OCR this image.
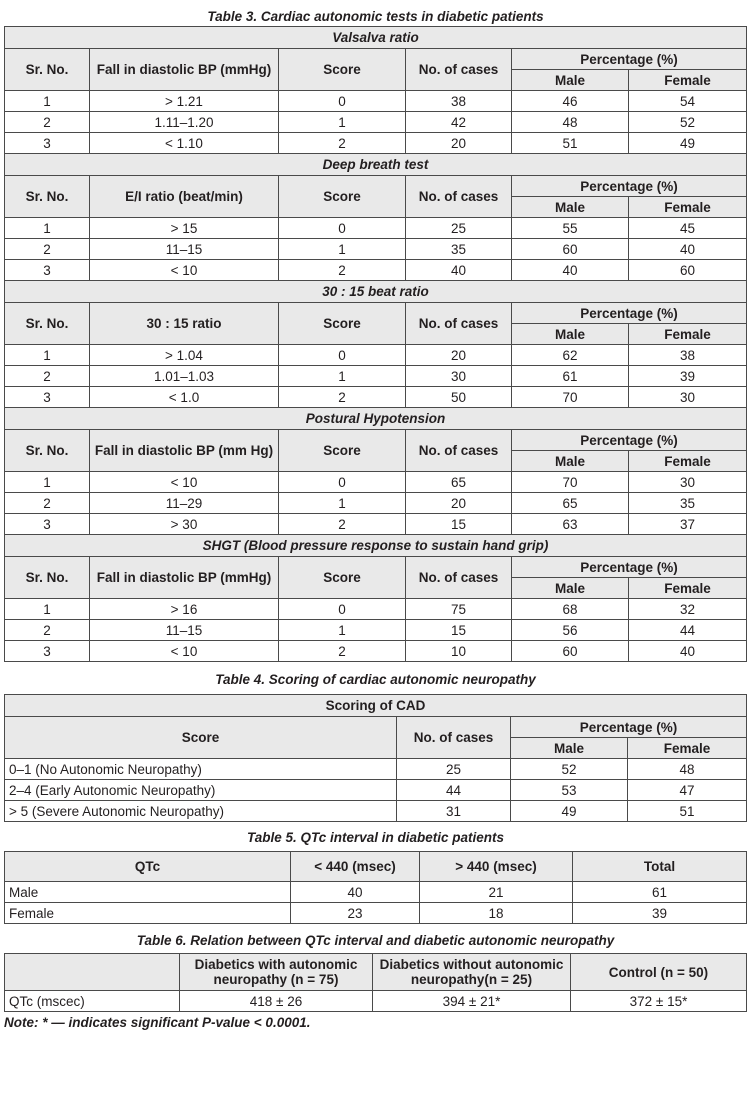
Table 3. Cardiac autonomic tests in diabetic patients
Valsalva ratio					
Sr. No.	Fall in diastolic BP (mmHg)	Score	No. of cases	Percentage (%)	
				Male	Female
1	> 1.21	0	38	46	54
2	1.11–1.20	1	42	48	52
3	< 1.10	2	20	51	49
Deep breath test					
Sr. No.	E/I ratio (beat/min)	Score	No. of cases	Percentage (%)	
				Male	Female
1	> 15	0	25	55	45
2	11–15	1	35	60	40
3	< 10	2	40	40	60
30 : 15 beat ratio					
Sr. No.	30 : 15 ratio	Score	No. of cases	Percentage (%)	
				Male	Female
1	> 1.04	0	20	62	38
2	1.01–1.03	1	30	61	39
3	< 1.0	2	50	70	30
Postural Hypotension					
Sr. No.	Fall in diastolic BP (mm Hg)	Score	No. of cases	Percentage (%)	
				Male	Female
1	< 10	0	65	70	30
2	11–29	1	20	65	35
3	> 30	2	15	63	37
SHGT (Blood pressure response to sustain hand grip)					
Sr. No.	Fall in diastolic BP (mmHg)	Score	No. of cases	Percentage (%)	
				Male	Female
1	> 16	0	75	68	32
2	11–15	1	15	56	44
3	< 10	2	10	60	40
Table 4. Scoring of cardiac autonomic neuropathy
Scoring of CAD			
Score	No. of cases	Percentage (%)	
		Male	Female
0–1 (No Autonomic Neuropathy)	25	52	48
2–4 (Early Autonomic Neuropathy)	44	53	47
> 5 (Severe Autonomic Neuropathy)	31	49	51
Table 5. QTc interval in diabetic patients
QTc	< 440 (msec)	> 440 (msec)	Total
Male	40	21	61
Female	23	18	39
Table 6. Relation between QTc interval and diabetic autonomic neuropathy
	Diabetics with autonomic neuropathy (n = 75)	Diabetics without autonomic neuropathy(n = 25)	Control (n = 50)
QTc (mscec)	418 ± 26	394 ± 21*	372 ± 15*
Note: * — indicates significant P-value < 0.0001.
